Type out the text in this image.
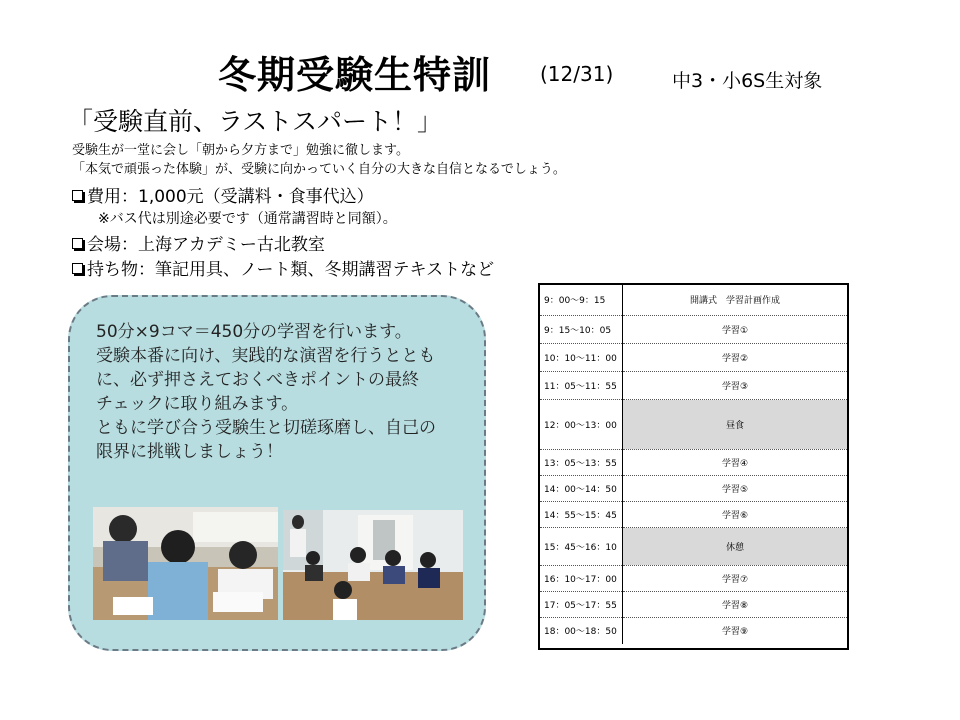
冬期受験生特訓 (12/31)	中3・小6S生対象
「受験直前、ラストスパート！」
受験生が一堂に会し「朝から夕方まで」勉強に徹します。
「本気で頑張った体験」が、受験に向かっていく自分の大きな自信となるでしょう。
費用：1,000元（受講料・食事代込）
※バス代は別途必要です（通常講習時と同額）。
会場：上海アカデミー古北教室
持ち物：筆記用具、ノート類、冬期講習テキストなど
50分×9コマ＝450分の学習を行います。
受験本番に向け、実践的な演習を行うととも
に、必ず押さえておくべきポイントの最終
チェックに取り組みます。
ともに学び合う受験生と切磋琢磨し、自己の
限界に挑戦しましょう！
9：00〜9：15	開講式　学習計画作成
9：15〜10：05	学習①
10：10〜11：00	学習②
11：05〜11：55	学習③
12：00〜13：00	昼食
13：05〜13：55	学習④
14：00〜14：50	学習⑤
14：55〜15：45	学習⑥
15：45〜16：10	休憩
16：10〜17：00	学習⑦
17：05〜17：55	学習⑧
18：00〜18：50	学習⑨
